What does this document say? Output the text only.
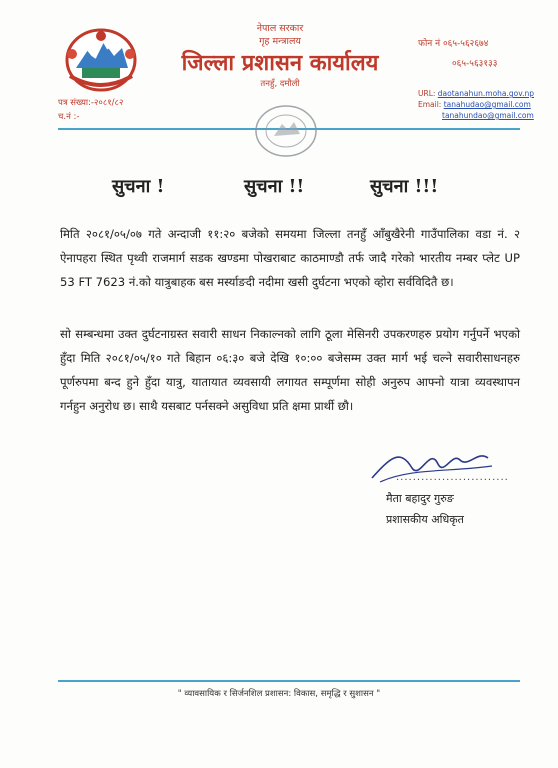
नेपाल सरकार
गृह मन्त्रालय
जिल्ला प्रशासन कार्यालय
तनहुँ, दमौली
फोन नं ०६५-५६२६७४
०६५-५६३१३३
URL: daotanahun.moha.gov.np
Email: tanahudao@gmail.com
tanahundao@gmail.com
पत्र संख्या:-२०८१/८२
च.नं :-
सुचना !	सुचना !!	सुचना !!!
मिति २०८१/०५/०७ गते अन्दाजी ११:२० बजेको समयमा जिल्ला तनहुँ आँबुखैरेनी गाउँपालिका वडा नं. २ ऐनापहरा स्थित पृथ्वी राजमार्ग सडक खण्डमा पोखराबाट काठमाण्डौ तर्फ जादै गरेको भारतीय नम्बर प्लेट UP 53 FT 7623 नं.को यात्रुबाहक बस मर्स्याङदी नदीमा खसी दुर्घटना भएको व्होरा सर्वविदितै छ।
सो सम्बन्धमा उक्त दुर्घटनाग्रस्त सवारी साधन निकाल्नको लागि ठूला मेसिनरी उपकरणहरु प्रयोग गर्नुपर्ने भएको हुँदा मिति २०८१/०५/१० गते बिहान ०६:३० बजे देखि १०:०० बजेसम्म उक्त मार्ग भई चल्ने सवारीसाधनहरु पूर्णरुपमा बन्द हुने हुँदा यात्रु, यातायात व्यवसायी लगायत सम्पूर्णमा सोही अनुरुप आफ्नो यात्रा व्यवस्थापन गर्नहुन अनुरोध छ। साथै यसबाट पर्नसक्ने असुविधा प्रति क्षमा प्रार्थी छौ।
...........................
मैता बहादुर गुरुङ
प्रशासकीय अधिकृत
" व्यावसायिक र सिर्जनशिल प्रशासन: विकास, समृद्धि र सुशासन "
